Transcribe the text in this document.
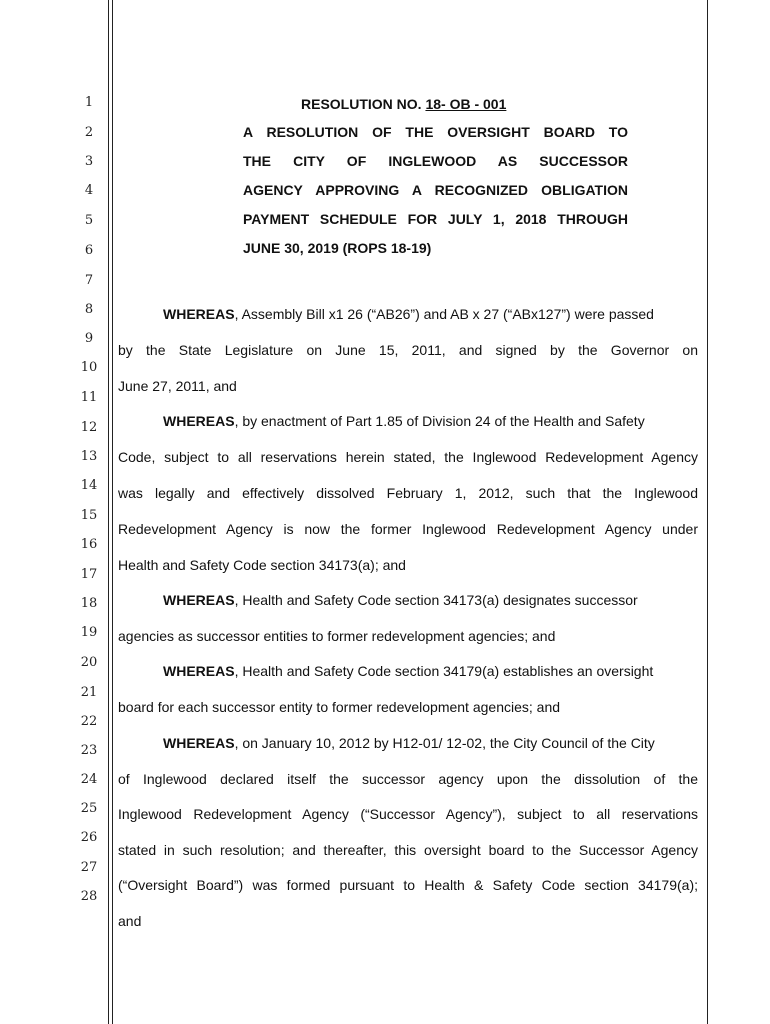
1
2
3
4
5
6
7
8
9
10
11
12
13
14
15
16
17
18
19
20
21
22
23
24
25
26
27
28
RESOLUTION NO. 18- OB - 001
A RESOLUTION OF THE OVERSIGHT BOARD TO
THE CITY OF INGLEWOOD AS SUCCESSOR
AGENCY APPROVING A RECOGNIZED OBLIGATION
PAYMENT SCHEDULE FOR JULY 1, 2018 THROUGH
JUNE 30, 2019 (ROPS 18-19)
WHEREAS, Assembly Bill x1 26 (“AB26”) and AB x 27 (“ABx127”) were passed
by the State Legislature on June 15, 2011, and signed by the Governor on
June 27, 2011, and
WHEREAS, by enactment of Part 1.85 of Division 24 of the Health and Safety
Code, subject to all reservations herein stated, the Inglewood Redevelopment Agency
was legally and effectively dissolved February 1, 2012, such that the Inglewood
Redevelopment Agency is now the former Inglewood Redevelopment Agency under
Health and Safety Code section 34173(a); and
WHEREAS, Health and Safety Code section 34173(a) designates successor
agencies as successor entities to former redevelopment agencies; and
WHEREAS, Health and Safety Code section 34179(a) establishes an oversight
board for each successor entity to former redevelopment agencies; and
WHEREAS, on January 10, 2012 by H12-01/ 12-02, the City Council of the City
of Inglewood declared itself the successor agency upon the dissolution of the
Inglewood Redevelopment Agency (“Successor Agency”), subject to all reservations
stated in such resolution; and thereafter, this oversight board to the Successor Agency
(“Oversight Board”) was formed pursuant to Health & Safety Code section 34179(a);
and
